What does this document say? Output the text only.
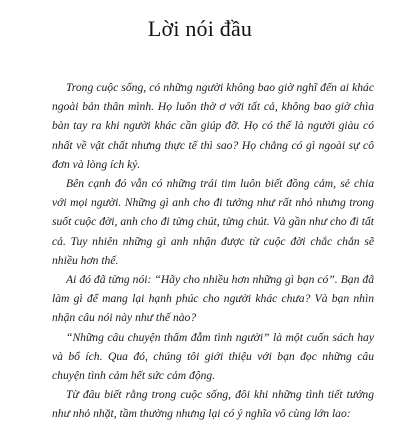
Lời nói đầu

Trong cuộc sống, có những người không bao giờ nghĩ đến ai khác ngoài bản thân mình. Họ luôn thờ ơ với tất cả, không bao giờ chìa bàn tay ra khi người khác cần giúp đỡ. Họ có thể là người giàu có nhất về vật chất nhưng thực tế thì sao? Họ chẳng có gì ngoài sự cô đơn và lòng ích kỷ.

Bên cạnh đó vẫn có những trái tim luôn biết đồng cảm, sẻ chia với mọi người. Những gì anh cho đi tưởng như rất nhỏ nhưng trong suốt cuộc đời, anh cho đi từng chút, từng chút. Và gần như cho đi tất cả. Tuy nhiên những gì anh nhận được từ cuộc đời chắc chắn sẽ nhiều hơn thế.

Ai đó đã từng nói: “Hãy cho nhiều hơn những gì bạn có”. Bạn đã làm gì để mang lại hạnh phúc cho người khác chưa? Và bạn nhìn nhận câu nói này như thế nào?

“Những câu chuyện thấm đẫm tình người” là một cuốn sách hay và bổ ích. Qua đó, chúng tôi giới thiệu với bạn đọc những câu chuyện tình cảm hết sức cảm động.

Từ đâu biết rằng trong cuộc sống, đôi khi những tình tiết tưởng như nhỏ nhặt, tầm thường nhưng lại có ý nghĩa vô cùng lớn lao:
